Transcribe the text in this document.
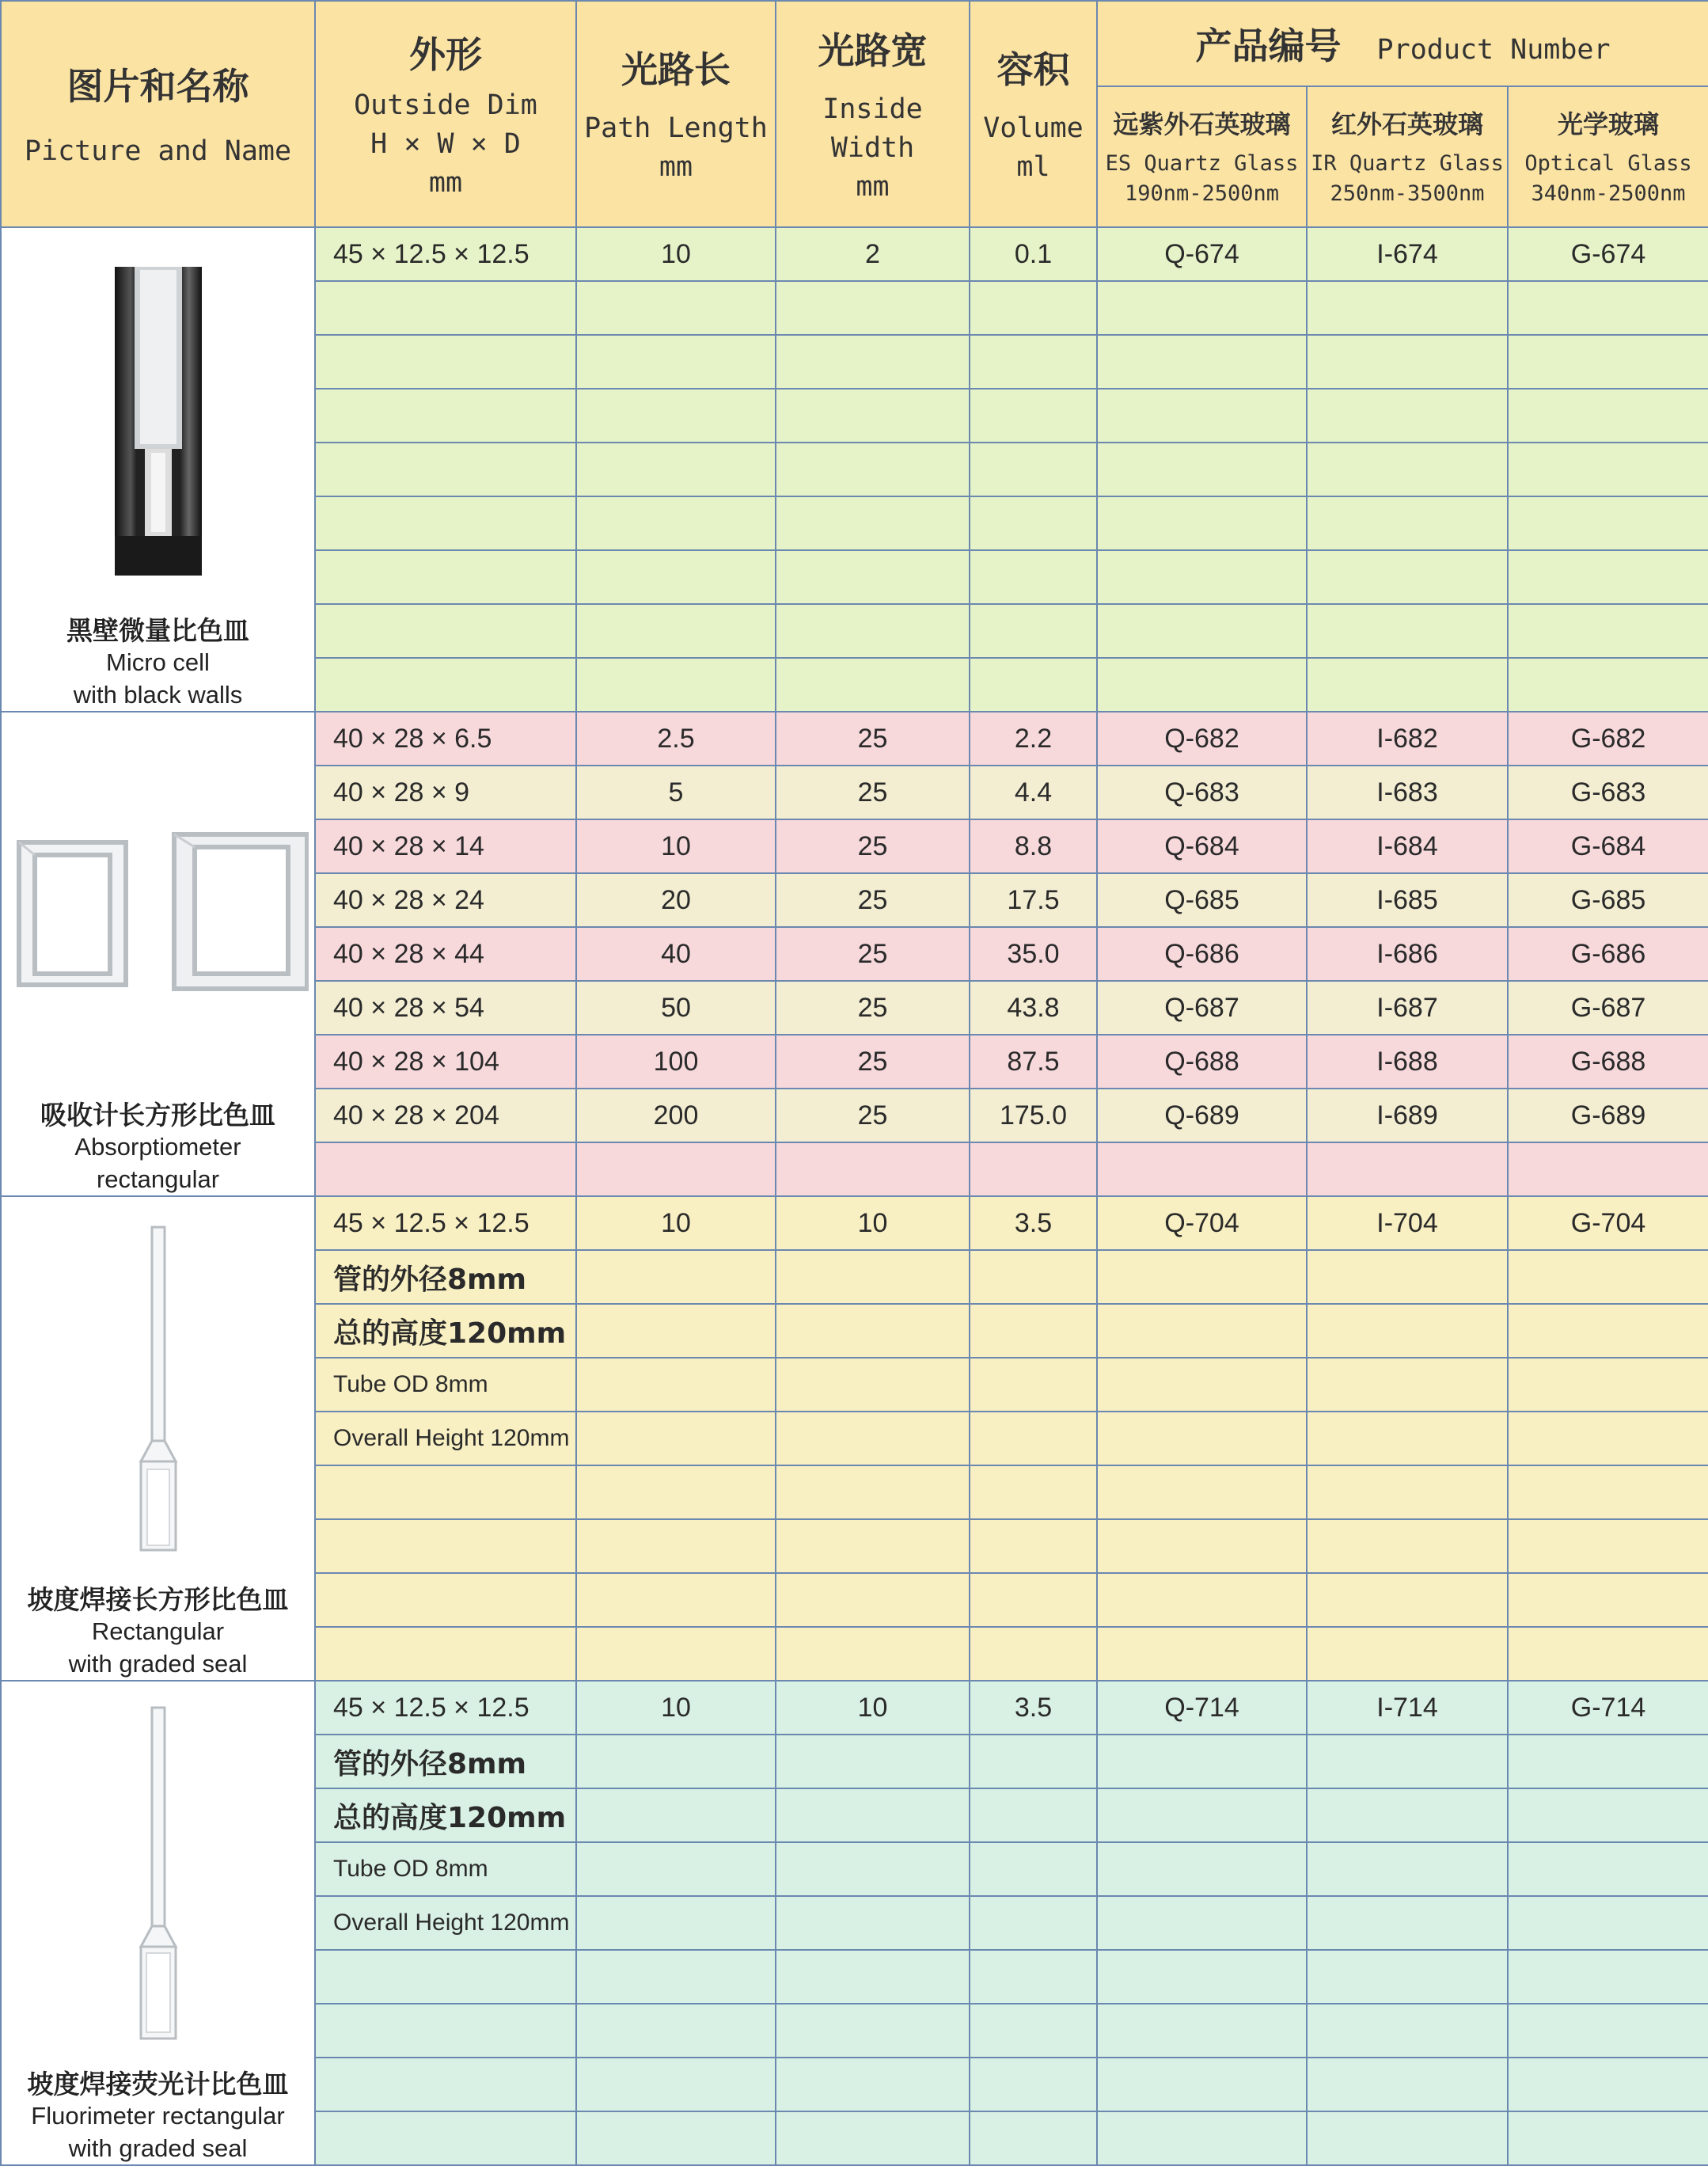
图片和名称
Picture and Name	外形
Outside Dim
H × W × D
mm	光路长
Path Length
mm	光路宽
Inside Width
mm	容积
Volume
ml	产品编号 Product Number		

					远紫外石英玻璃
ES Quartz Glass
190nm-2500nm	红外石英玻璃
IR Quartz Glass
250nm-3500nm	光学玻璃
Optical Glass
340nm-2500nm

黑壁微量比色皿
Micro cell
with black walls	45 × 12.5 × 12.5	10	2	0.1	Q-674	I-674	G-674

吸收计长方形比色皿
Absorptiometer
rectangular	40 × 28 × 6.5	2.5	25	2.2	Q-682	I-682	G-682
	40 × 28 × 9	5	25	4.4	Q-683	I-683	G-683
	40 × 28 × 14	10	25	8.8	Q-684	I-684	G-684
	40 × 28 × 24	20	25	17.5	Q-685	I-685	G-685
	40 × 28 × 44	40	25	35.0	Q-686	I-686	G-686
	40 × 28 × 54	50	25	43.8	Q-687	I-687	G-687
	40 × 28 × 104	100	25	87.5	Q-688	I-688	G-688
	40 × 28 × 204	200	25	175.0	Q-689	I-689	G-689

坡度焊接长方形比色皿
Rectangular
with graded seal	45 × 12.5 × 12.5	10	10	3.5	Q-704	I-704	G-704
	管的外径8mm						
	总的高度120mm						
	Tube OD 8mm						
	Overall Height 120mm						

坡度焊接荧光计比色皿
Fluorimeter rectangular
with graded seal	45 × 12.5 × 12.5	10	10	3.5	Q-714	I-714	G-714
	管的外径8mm						
	总的高度120mm						
	Tube OD 8mm						
	Overall Height 120mm						
